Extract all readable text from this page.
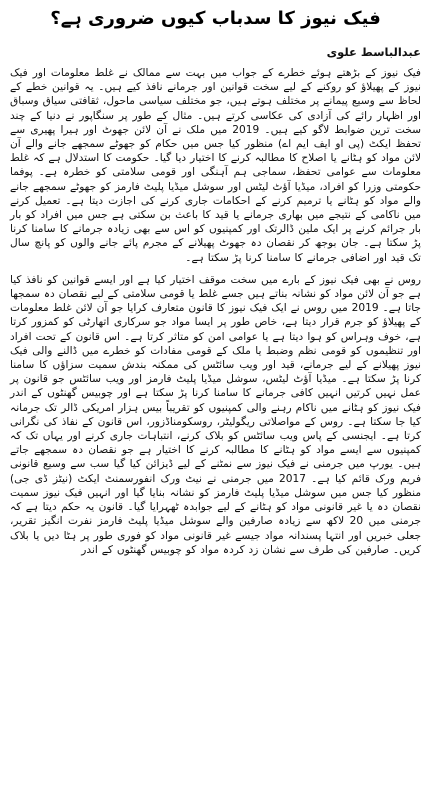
فیک نیوز کا سدباب کیوں ضروری ہے؟
عبدالباسط علوی

فیک نیوز کے بڑھتے ہوئے خطرے کے جواب میں بہت سے ممالک نے غلط معلومات اور فیک نیوز کے پھیلاؤ کو روکنے کے لیے سخت قوانین اور جرمانے نافذ کیے ہیں۔ یہ قوانین خطے کے لحاظ سے وسیع پیمانے پر مختلف ہوتے ہیں، جو مختلف سیاسی ماحول، ثقافتی سیاق وسباق اور اظہار رائے کی آزادی کی عکاسی کرتے ہیں۔ مثال کے طور پر سنگاپور نے دنیا کے چند سخت ترین ضوابط لاگو کیے ہیں۔ 2019 میں ملک نے آن لائن جھوٹ اور ہیرا پھیری سے تحفظ ایکٹ (پی او ایف ایم اے) منظور کیا جس میں حکام کو جھوٹے سمجھے جانے والے آن لائن مواد کو ہٹانے یا اصلاح کا مطالبہ کرنے کا اختیار دیا گیا۔ حکومت کا استدلال ہے کہ غلط معلومات سے عوامی تحفظ، سماجی ہم آہنگی اور قومی سلامتی کو خطرہ ہے۔ پوفما حکومتی وزرا کو افراد، میڈیا آؤٹ لیٹس اور سوشل میڈیا پلیٹ فارمز کو جھوٹے سمجھے جانے والے مواد کو ہٹانے یا ترمیم کرنے کے احکامات جاری کرنے کی اجازت دیتا ہے۔ تعمیل کرنے میں ناکامی کے نتیجے میں بھاری جرمانے یا قید کا باعث بن سکتی ہے جس میں افراد کو بار بار جرائم کرنے پر ایک ملین ڈالرتک اور کمپنیوں کو اس سے بھی زیادہ جرمانے کا سامنا کرنا پڑ سکتا ہے۔ جان بوجھ کر نقصان دہ جھوٹ پھیلانے کے مجرم پائے جانے والوں کو پانچ سال تک قید اور اضافی جرمانے کا سامنا کرنا پڑ سکتا ہے۔

روس نے بھی فیک نیوز کے بارے میں سخت موقف اختیار کیا ہے اور ایسے قوانین کو نافذ کیا ہے جو آن لائن مواد کو نشانہ بناتے ہیں جسے غلط یا قومی سلامتی کے لیے نقصان دہ سمجھا جاتا ہے۔ 2019 میں روس نے ایک فیک نیوز کا قانون متعارف کرایا جو آن لائن غلط معلومات کے پھیلاؤ کو جرم قرار دیتا ہے، خاص طور پر ایسا مواد جو سرکاری اتھارٹی کو کمزور کرتا ہے، خوف وہراس کو ہوا دیتا ہے یا عوامی امن کو متاثر کرتا ہے۔ اس قانون کے تحت افراد اور تنظیموں کو قومی نظم وضبط یا ملک کے قومی مفادات کو خطرے میں ڈالنے والی فیک نیوز پھیلانے کے لیے جرمانے، قید اور ویب سائٹس کی ممکنہ بندش سمیت سزاؤں کا سامنا کرنا پڑ سکتا ہے۔ میڈیا آؤٹ لیٹس، سوشل میڈیا پلیٹ فارمز اور ویب سائٹس جو قانون پر عمل نہیں کرتیں انہیں کافی جرمانے کا سامنا کرنا پڑ سکتا ہے اور چوبیس گھنٹوں کے اندر فیک نیوز کو ہٹانے میں ناکام رہنے والی کمپنیوں کو تقریباً بیس ہزار امریکی ڈالر تک جرمانہ کیا جا سکتا ہے۔ روس کے مواصلاتی ریگولیٹر، روسکومناڈزور، اس قانون کے نفاذ کی نگرانی کرتا ہے۔ ایجنسی کے پاس ویب سائٹس کو بلاک کرنے، انتباہات جاری کرنے اور یہاں تک کہ کمپنیوں سے ایسے مواد کو ہٹانے کا مطالبہ کرنے کا اختیار ہے جو نقصان دہ سمجھے جاتے ہیں۔ یورپ میں جرمنی نے فیک نیوز سے نمٹنے کے لیے ڈیزائن کیا گیا سب سے وسیع قانونی فریم ورک قائم کیا ہے۔ 2017 میں جرمنی نے نیٹ ورک انفورسمنٹ ایکٹ (نیٹز ڈی جی) منظور کیا جس میں سوشل میڈیا پلیٹ فارمز کو نشانہ بنایا گیا اور انہیں فیک نیوز سمیت نقصان دہ یا غیر قانونی مواد کو ہٹانے کے لیے جوابدہ ٹھہرایا گیا۔ قانون یہ حکم دیتا ہے کہ جرمنی میں 20 لاکھ سے زیادہ صارفین والے سوشل میڈیا پلیٹ فارمز نفرت انگیز تقریر، جعلی خبریں اور انتہا پسندانہ مواد جیسے غیر قانونی مواد کو فوری طور پر ہٹا دیں یا بلاک کریں۔ صارفین کی طرف سے نشان زد کردہ مواد کو چوبیس گھنٹوں کے اندر
